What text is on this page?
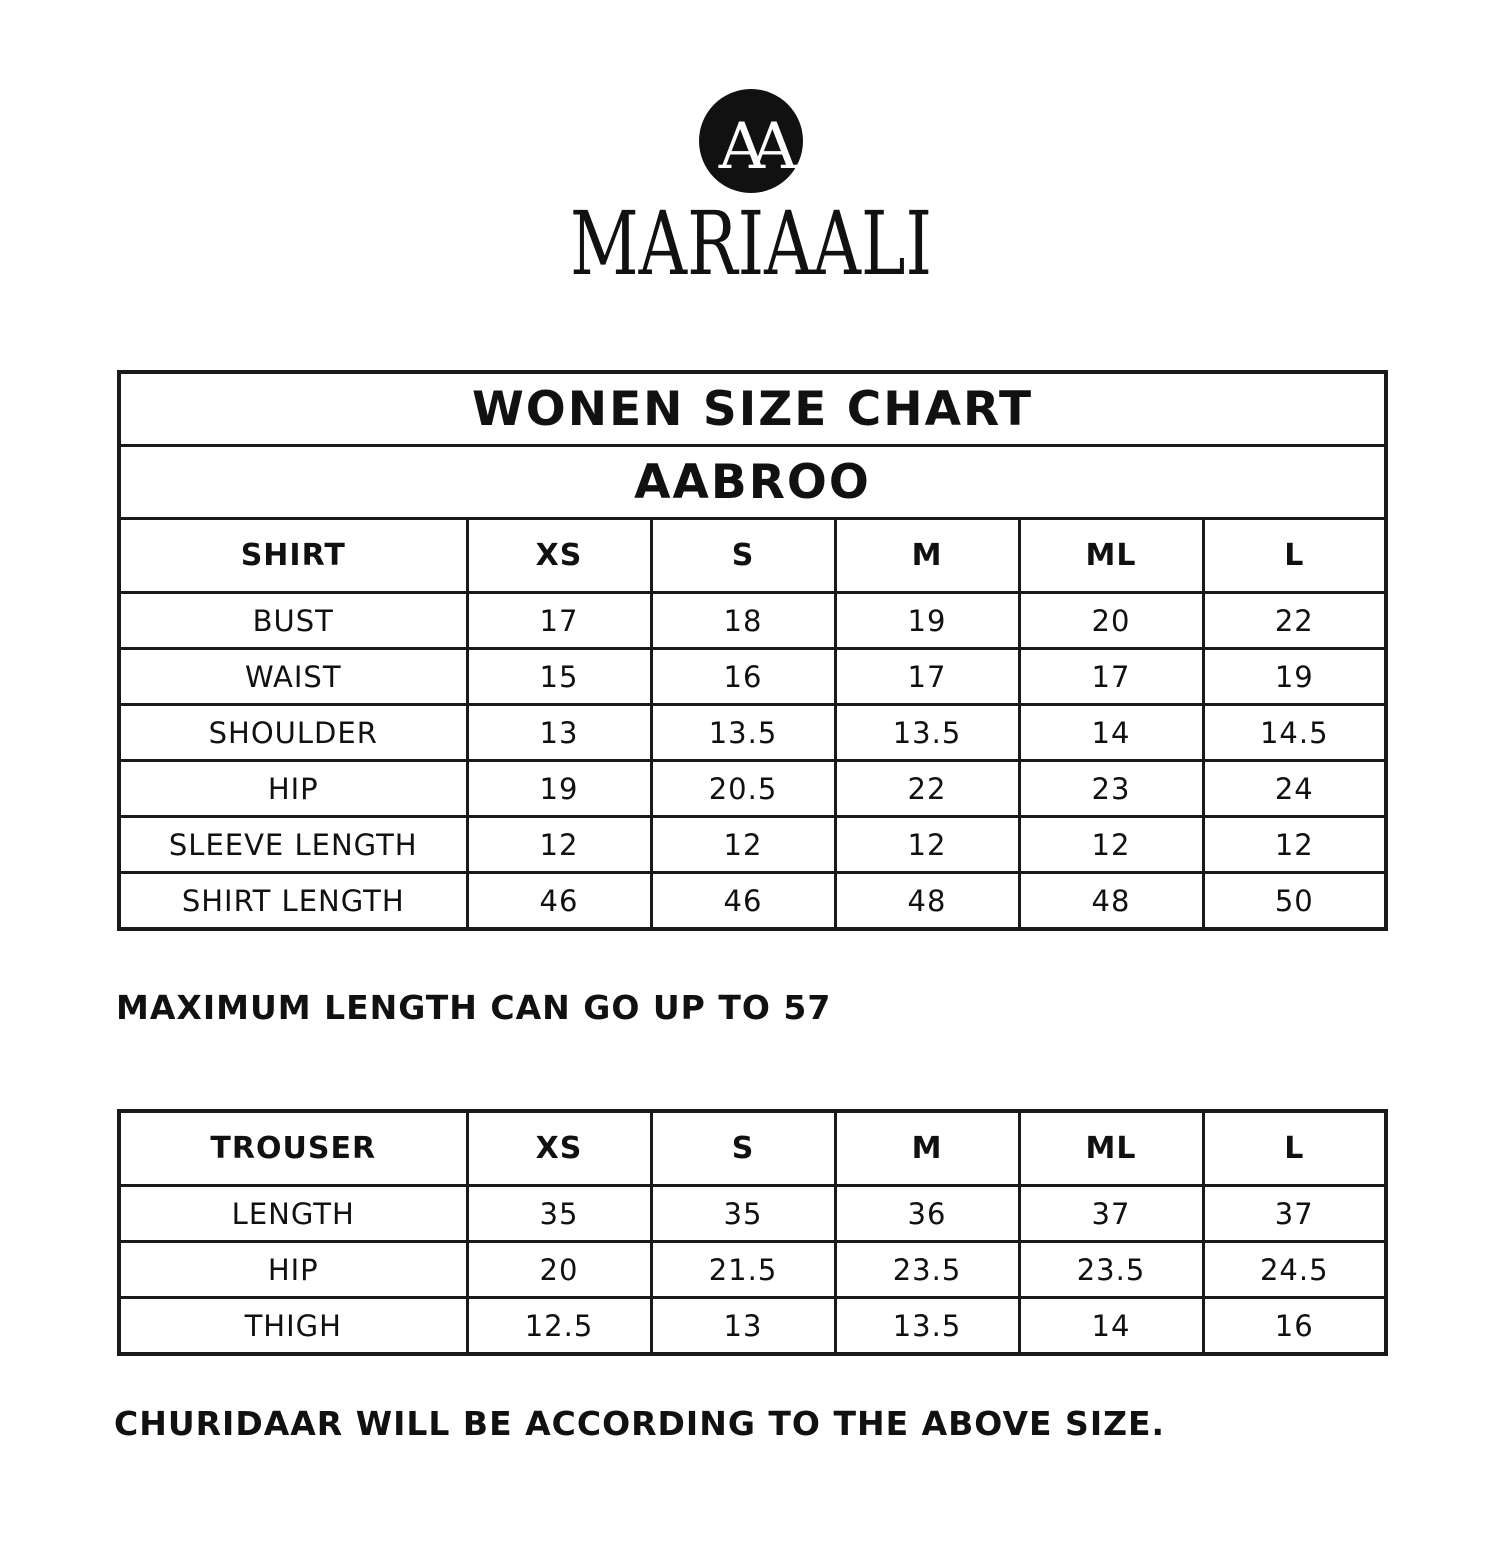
AA
MARIAALI
WONEN SIZE CHART					
AABROO					
SHIRT	XS	S	M	ML	L
BUST	17	18	19	20	22
WAIST	15	16	17	17	19
SHOULDER	13	13.5	13.5	14	14.5
HIP	19	20.5	22	23	24
SLEEVE LENGTH	12	12	12	12	12
SHIRT LENGTH	46	46	48	48	50
MAXIMUM LENGTH CAN GO UP TO 57
TROUSER	XS	S	M	ML	L
LENGTH	35	35	36	37	37
HIP	20	21.5	23.5	23.5	24.5
THIGH	12.5	13	13.5	14	16
CHURIDAAR WILL BE ACCORDING TO THE ABOVE SIZE.
